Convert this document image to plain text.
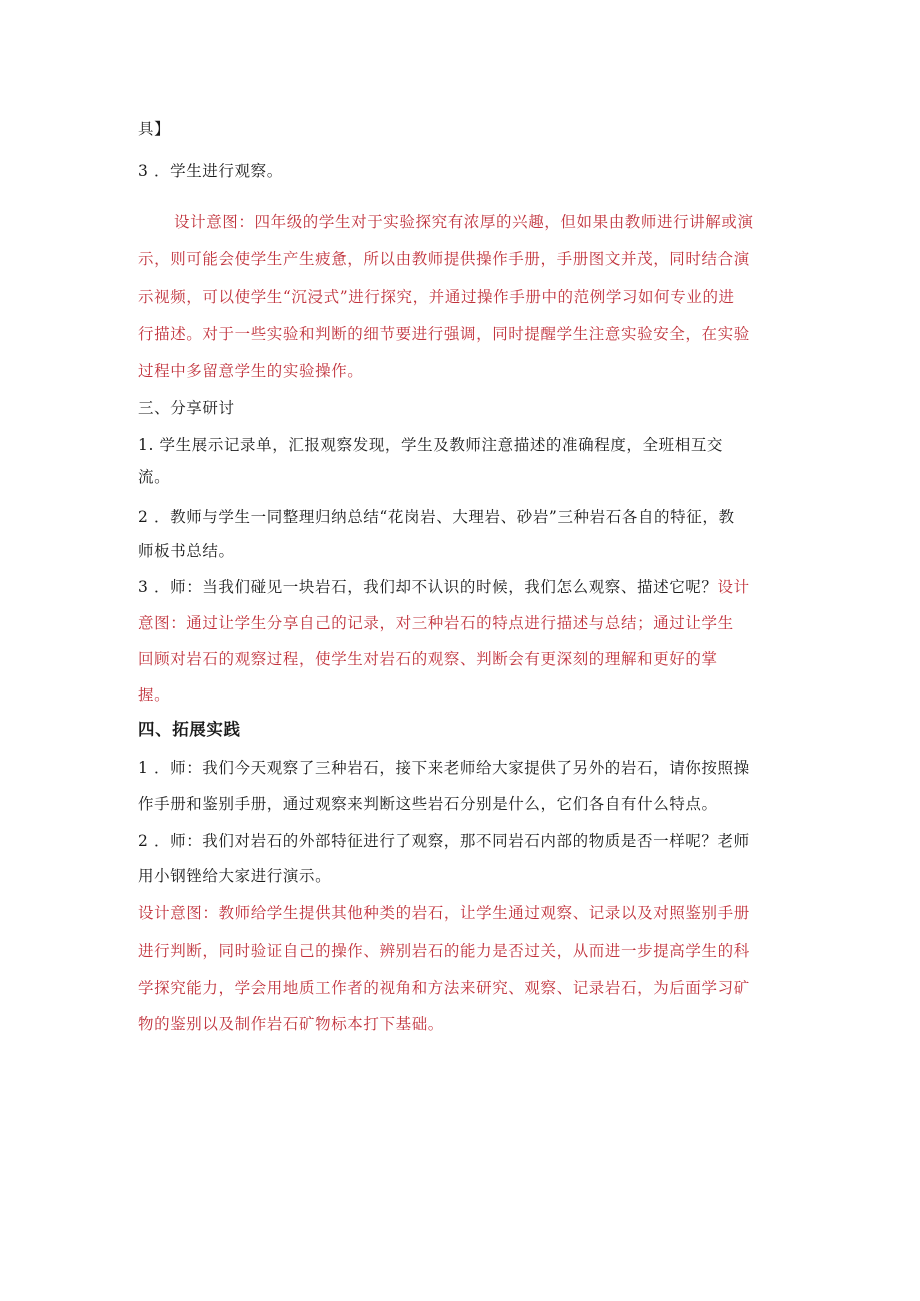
具】
3 ．学生进行观察。
设计意图：四年级的学生对于实验探究有浓厚的兴趣，但如果由教师进行讲解或演
示，则可能会使学生产生疲惫，所以由教师提供操作手册，手册图文并茂，同时结合演
示视频，可以使学生“沉浸式”进行探究，并通过操作手册中的范例学习如何专业的进
行描述。对于一些实验和判断的细节要进行强调，同时提醒学生注意实验安全，在实验
过程中多留意学生的实验操作。
三、分享研讨
1. 学生展示记录单，汇报观察发现，学生及教师注意描述的准确程度，全班相互交
流。
2 ．教师与学生一同整理归纳总结“花岗岩、大理岩、砂岩”三种岩石各自的特征，教
师板书总结。
3 ．师：当我们碰见一块岩石，我们却不认识的时候，我们怎么观察、描述它呢？设计
意图：通过让学生分享自己的记录，对三种岩石的特点进行描述与总结；通过让学生
回顾对岩石的观察过程，使学生对岩石的观察、判断会有更深刻的理解和更好的掌
握。
四、拓展实践
1 ．师：我们今天观察了三种岩石，接下来老师给大家提供了另外的岩石，请你按照操
作手册和鉴别手册，通过观察来判断这些岩石分别是什么，它们各自有什么特点。
2 ．师：我们对岩石的外部特征进行了观察，那不同岩石内部的物质是否一样呢？老师
用小钢锉给大家进行演示。
设计意图：教师给学生提供其他种类的岩石，让学生通过观察、记录以及对照鉴别手册
进行判断，同时验证自己的操作、辨别岩石的能力是否过关，从而进一步提高学生的科
学探究能力，学会用地质工作者的视角和方法来研究、观察、记录岩石，为后面学习矿
物的鉴别以及制作岩石矿物标本打下基础。
